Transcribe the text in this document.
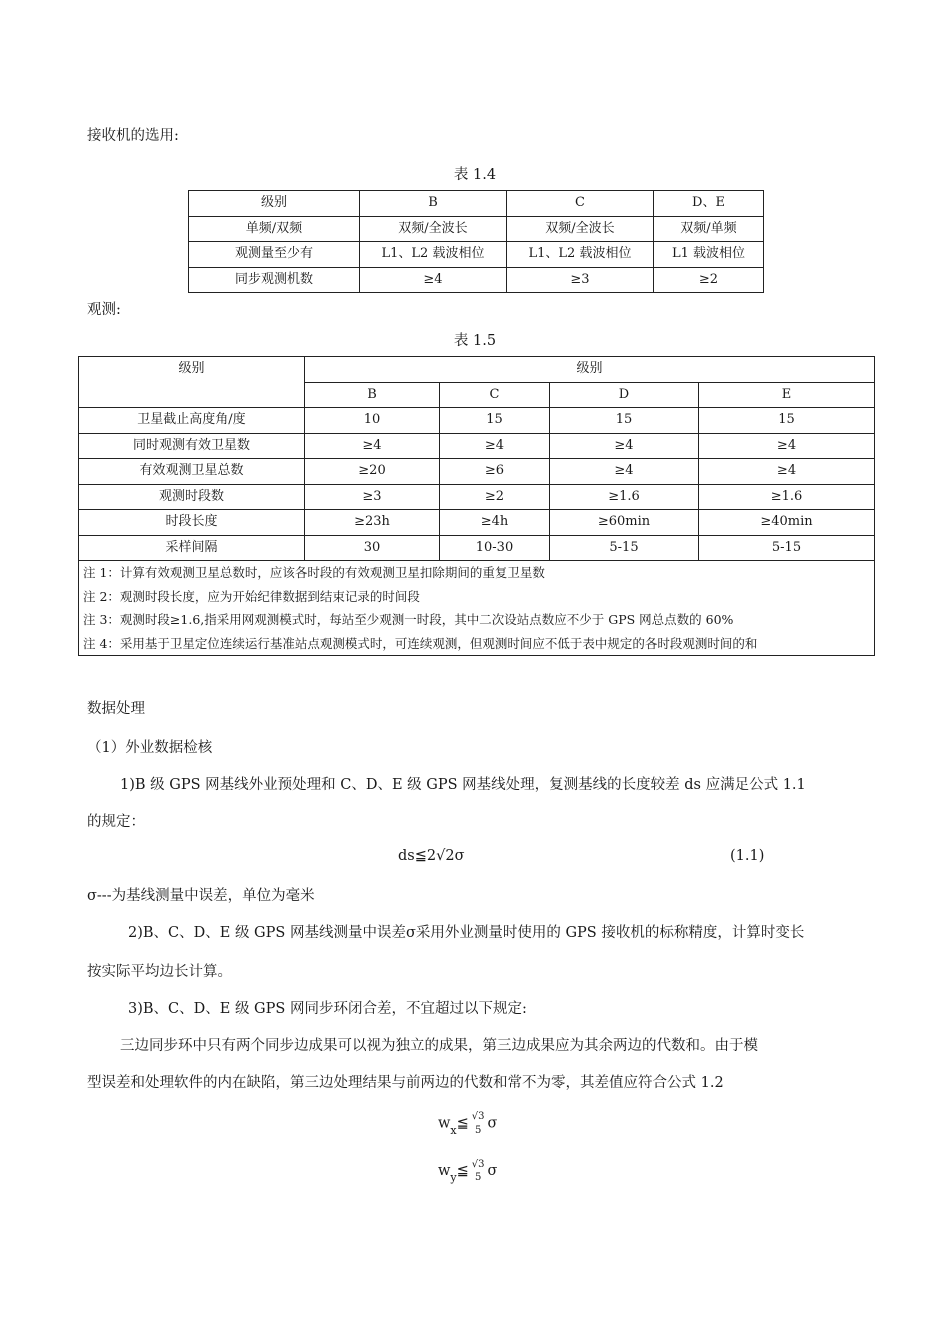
接收机的选用:
表 1.4
级别	B	C	D、E
单频/双频	双频/全波长	双频/全波长	双频/单频
观测量至少有	L1、L2 载波相位	L1、L2 载波相位	L1 载波相位
同步观测机数	≥4	≥3	≥2
观测:
表 1.5
级别	级别			
	B	C	D	E
卫星截止高度角/度	10	15	15	15
同时观测有效卫星数	≥4	≥4	≥4	≥4
有效观测卫星总数	≥20	≥6	≥4	≥4
观测时段数	≥3	≥2	≥1.6	≥1.6
时段长度	≥23h	≥4h	≥60min	≥40min
采样间隔	30	10-30	5-15	5-15
注 1：计算有效观测卫星总数时，应该各时段的有效观测卫星扣除期间的重复卫星数				
注 2：观测时段长度，应为开始纪律数据到结束记录的时间段				
注 3：观测时段≥1.6,指采用网观测模式时，每站至少观测一时段，其中二次设站点数应不少于 GPS 网总点数的 60%				
注 4：采用基于卫星定位连续运行基准站点观测模式时，可连续观测，但观测时间应不低于表中规定的各时段观测时间的和				
数据处理
（1）外业数据检核
1)B 级 GPS 网基线外业预处理和 C、D、E 级 GPS 网基线处理，复测基线的长度较差 ds 应满足公式 1.1
的规定：
ds≦2√2σ	(1.1)
σ---为基线测量中误差，单位为毫米
2)B、C、D、E 级 GPS 网基线测量中误差σ采用外业测量时使用的 GPS 接收机的标称精度，计算时变长
按实际平均边长计算。
3)B、C、D、E 级 GPS 网同步环闭合差，不宜超过以下规定:
三边同步环中只有两个同步边成果可以视为独立的成果，第三边成果应为其余两边的代数和。由于模
型误差和处理软件的内在缺陷，第三边处理结果与前两边的代数和常不为零，其差值应符合公式 1.2
$w_x≦$ √3
5 σ
$w_y≦$ √3
5 σ
